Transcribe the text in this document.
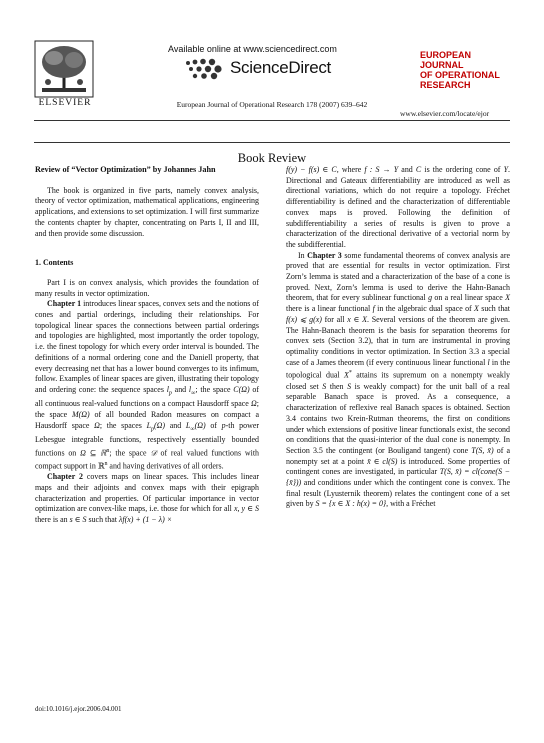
ELSEVIER
Available online at www.sciencedirect.com
ScienceDirect
European Journal of Operational Research 178 (2007) 639–642
EUROPEAN
JOURNAL
OF OPERATIONAL
RESEARCH
www.elsevier.com/locate/ejor
Book Review

Review of “Vector Optimization” by Johannes Jahn

The book is organized in five parts, namely convex analysis, theory of vector optimization, mathematical applications, engineering applications, and extensions to set optimization. I will first summarize the contents chapter by chapter, concentrating on Parts I, II and III, and then provide some discussion.

1. Contents

Part I is on convex analysis, which provides the foundation of many results in vector optimization.

Chapter 1 introduces linear spaces, convex sets and the notions of cones and partial orderings, including their relationships. For topological linear spaces the connections between partial orderings and topologies are highlighted, most importantly the order topology, i.e. the finest topology for which every order interval is bounded. The definitions of a normal ordering cone and the Daniell property, that every decreasing net that has a lower bound converges to its infimum, follow. Examples of linear spaces are given, illustrating their topology and ordering cone: the sequence spaces $l_p$ and $l_\infty$; the space C(Ω) of all continuous real-valued functions on a compact Hausdorff space Ω; the space M(Ω) of all bounded Radon measures on compact a Hausdorff space Ω; the spaces $L_p(\Omega)$ and $L_\infty(\Omega)$ of p-th power Lebesgue integrable functions, respectively essentially bounded functions on Ω ⊆ ℝ$^n$; the space 𝒟 of real valued functions with compact support in ℝ$^n$ and having derivatives of all orders.

Chapter 2 covers maps on linear spaces. This includes linear maps and their adjoints and convex maps with their epigraph characterization and properties. Of particular importance in vector optimization are convex-like maps, i.e. those for which for all x, y ∈ S there is an s ∈ S such that λf(x) + (1 − λ) ×

f(y) − f(s) ∈ C, where f : S → Y and C is the ordering cone of Y. Directional and Gateaux differentiability are introduced as well as directional variations, which do not require a topology. Fréchet differentiability is defined and the characterization of differentiable convex maps is proved. Following the definition of subdifferentiability a series of results is given to prove a characterization of the directional derivative of a vectorial norm by the subdifferential.

In Chapter 3 some fundamental theorems of convex analysis are proved that are essential for results in vector optimization. First Zorn’s lemma is stated and a characterization of the base of a cone is proved. Next, Zorn’s lemma is used to derive the Hahn-Banach theorem, that for every sublinear functional g on a real linear space X there is a linear functional f in the algebraic dual space of X such that f(x) ⩽ g(x) for all x ∈ X. Several versions of the theorem are given. The Hahn-Banach theorem is the basis for separation theorems for convex sets (Section 3.2), that in turn are instrumental in proving optimality conditions in vector optimization. In Section 3.3 a special case of a James theorem (if every continuous linear functional l in the topological dual X* attains its supremum on a nonempty weakly closed set S then S is weakly compact) for the unit ball of a real separable Banach space is proved. As a consequence, a characterization of reflexive real Banach spaces is obtained. Section 3.4 contains two Krein-Rutman theorems, the first on conditions under which extensions of positive linear functionals exist, the second on conditions that the quasi-interior of the dual cone is nonempty. In Section 3.5 the contingent (or Bouligand tangent) cone T(S, x̄) of a nonempty set at a point x̄ ∈ cl(S) is introduced. Some properties of contingent cones are investigated, in particular T(S, x̄) = cl(cone(S − {x̄})) and conditions under which the contingent cone is convex. The final result (Lyusternik theorem) relates the contingent cone of a set given by S = {x ∈ X : h(x) = 0}, with a Fréchet

doi:10.1016/j.ejor.2006.04.001
